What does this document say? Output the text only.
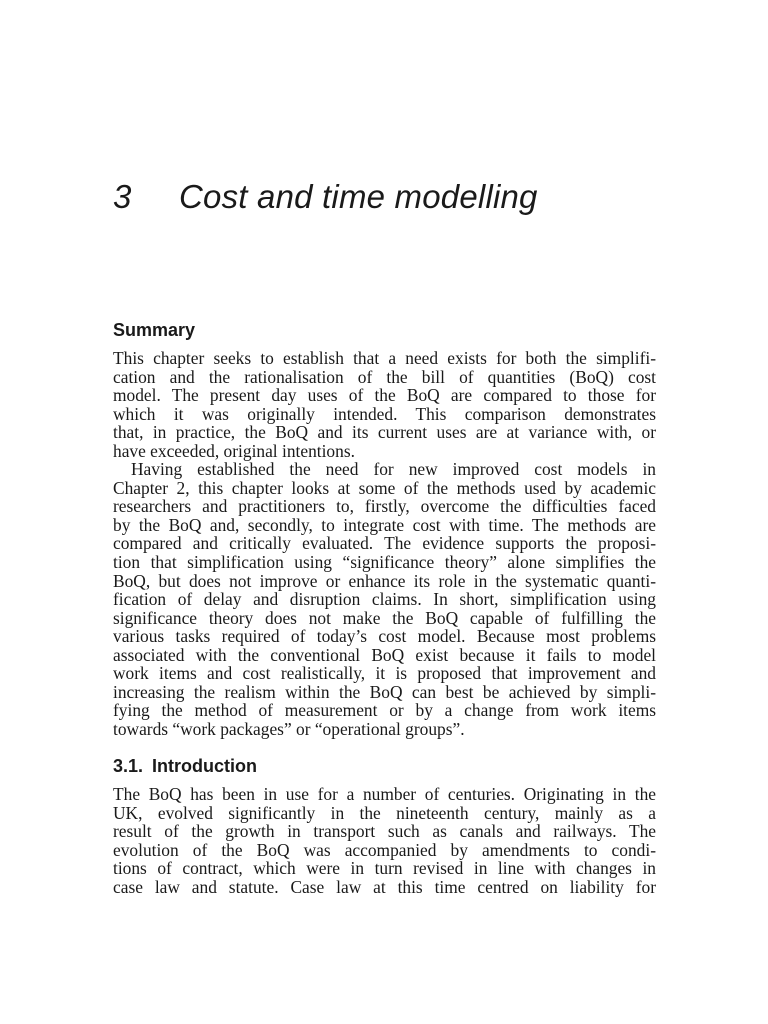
3 Cost and time modelling
Summary

This chapter seeks to establish that a need exists for both the simplifi-
cation and the rationalisation of the bill of quantities (BoQ) cost
model. The present day uses of the BoQ are compared to those for
which it was originally intended. This comparison demonstrates
that, in practice, the BoQ and its current uses are at variance with, or
have exceeded, original intentions.

Having established the need for new improved cost models in
Chapter 2, this chapter looks at some of the methods used by academic
researchers and practitioners to, firstly, overcome the difficulties faced
by the BoQ and, secondly, to integrate cost with time. The methods are
compared and critically evaluated. The evidence supports the proposi-
tion that simplification using “significance theory” alone simplifies the
BoQ, but does not improve or enhance its role in the systematic quanti-
fication of delay and disruption claims. In short, simplification using
significance theory does not make the BoQ capable of fulfilling the
various tasks required of today’s cost model. Because most problems
associated with the conventional BoQ exist because it fails to model
work items and cost realistically, it is proposed that improvement and
increasing the realism within the BoQ can best be achieved by simpli-
fying the method of measurement or by a change from work items
towards “work packages” or “operational groups”.

3.1. Introduction

The BoQ has been in use for a number of centuries. Originating in the
UK, evolved significantly in the nineteenth century, mainly as a
result of the growth in transport such as canals and railways. The
evolution of the BoQ was accompanied by amendments to condi-
tions of contract, which were in turn revised in line with changes in
case law and statute. Case law at this time centred on liability for
